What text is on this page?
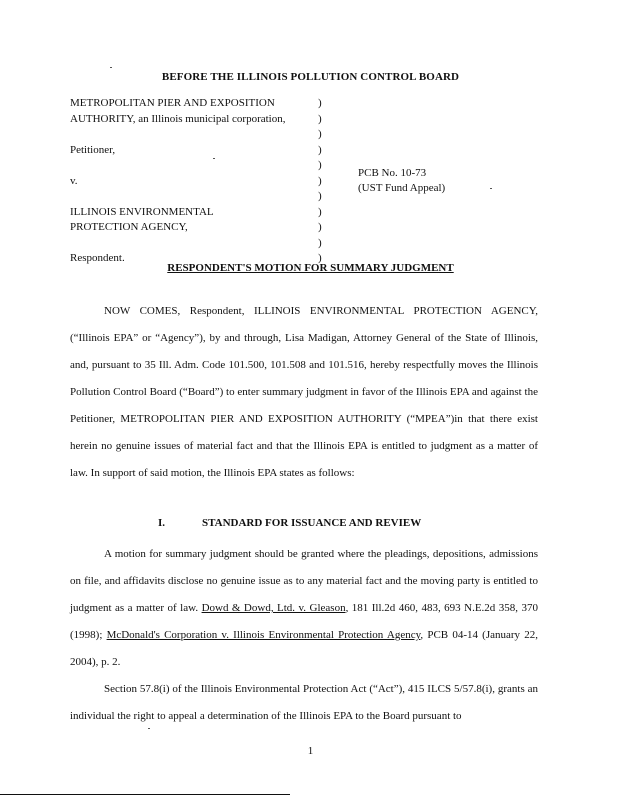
BEFORE THE ILLINOIS POLLUTION CONTROL BOARD
METROPOLITAN PIER AND EXPOSITION
AUTHORITY, an Illinois municipal corporation,
Petitioner,
v.
ILLINOIS ENVIRONMENTAL
PROTECTION AGENCY,
Respondent.
)
)
)
)
)
)
)
)
)
)
)
PCB No. 10-73
(UST Fund Appeal)
RESPONDENT'S MOTION FOR SUMMARY JUDGMENT
NOW COMES, Respondent, ILLINOIS ENVIRONMENTAL PROTECTION AGENCY, (“Illinois EPA” or “Agency”), by and through, Lisa Madigan, Attorney General of the State of Illinois, and, pursuant to 35 Ill. Adm. Code 101.500, 101.508 and 101.516, hereby respectfully moves the Illinois Pollution Control Board (“Board”) to enter summary judgment in favor of the Illinois EPA and against the Petitioner, METROPOLITAN PIER AND EXPOSITION AUTHORITY (“MPEA”)in that there exist herein no genuine issues of material fact and that the Illinois EPA is entitled to judgment as a matter of law. In support of said motion, the Illinois EPA states as follows:
I.	STANDARD FOR ISSUANCE AND REVIEW
A motion for summary judgment should be granted where the pleadings, depositions, admissions on file, and affidavits disclose no genuine issue as to any material fact and the moving party is entitled to judgment as a matter of law. Dowd & Dowd, Ltd. v. Gleason, 181 Ill.2d 460, 483, 693 N.E.2d 358, 370 (1998); McDonald's Corporation v. Illinois Environmental Protection Agency, PCB 04-14 (January 22, 2004), p. 2.
Section 57.8(i) of the Illinois Environmental Protection Act (“Act”), 415 ILCS 5/57.8(i), grants an individual the right to appeal a determination of the Illinois EPA to the Board pursuant to
1
